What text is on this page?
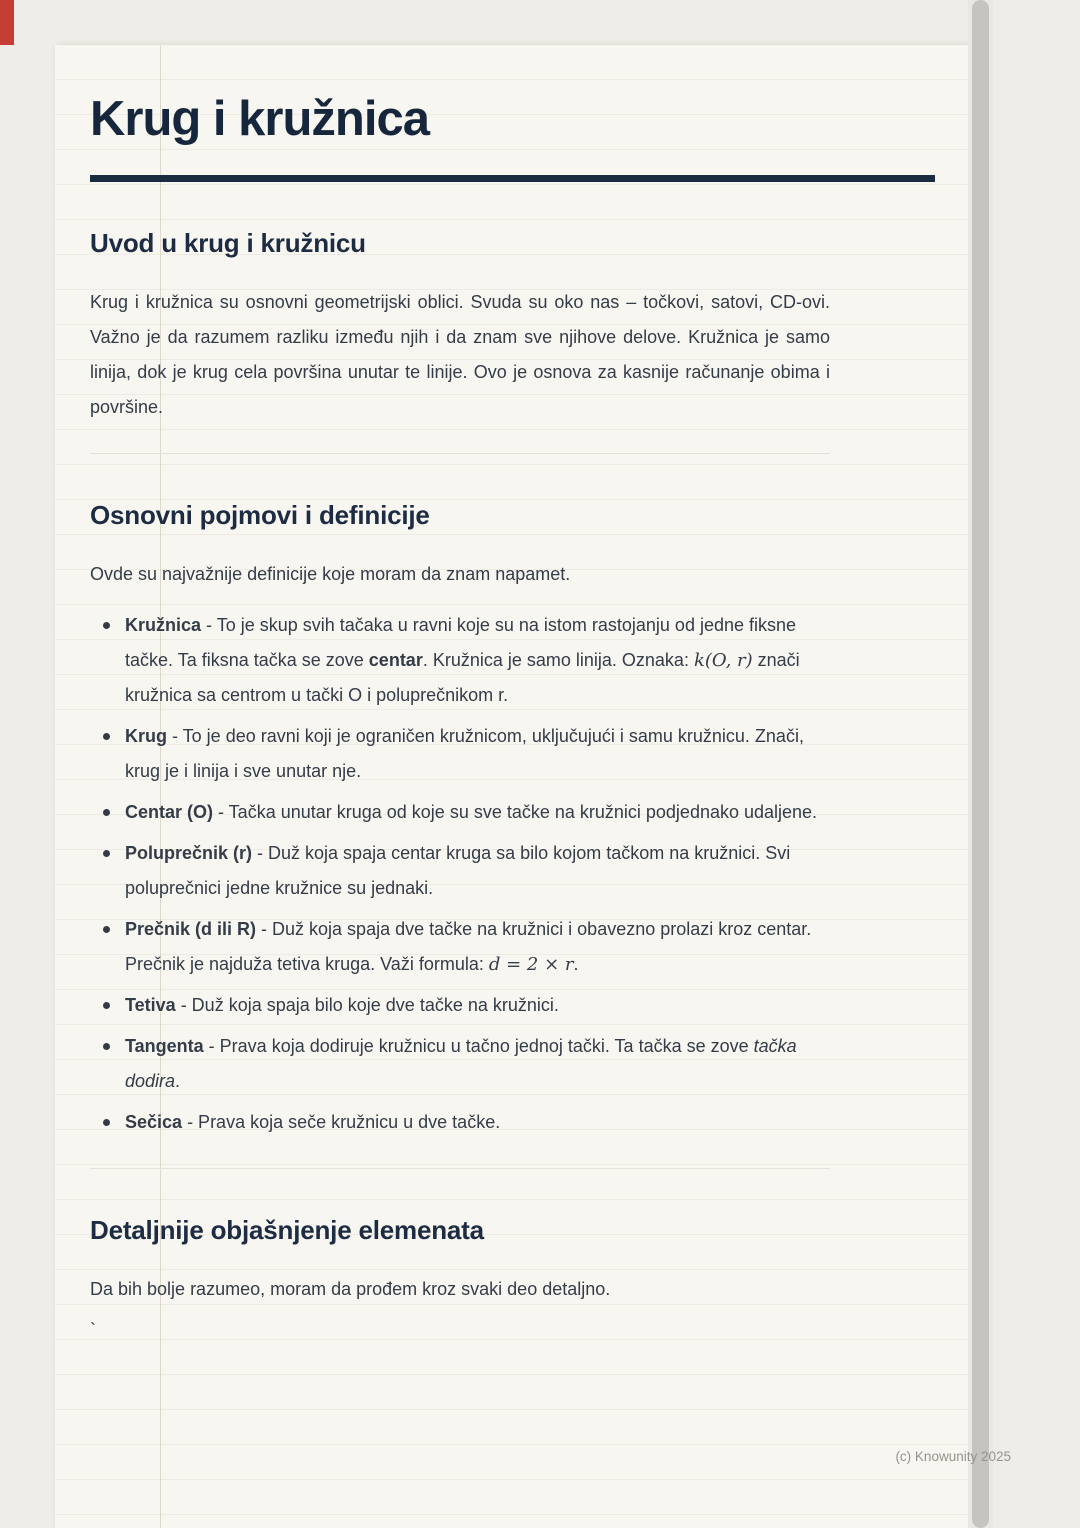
Krug i kružnica
Uvod u krug i kružnicu

Krug i kružnica su osnovni geometrijski oblici. Svuda su oko nas – točkovi, satovi, CD-ovi. Važno je da razumem razliku između njih i da znam sve njihove delove. Kružnica je samo linija, dok je krug cela površina unutar te linije. Ovo je osnova za kasnije računanje obima i površine.

Osnovni pojmovi i definicije

Ovde su najvažnije definicije koje moram da znam napamet.

Kružnica - To je skup svih tačaka u ravni koje su na istom rastojanju od jedne fiksne tačke. Ta fiksna tačka se zove centar. Kružnica je samo linija. Oznaka: k(O, r) znači kružnica sa centrom u tački O i poluprečnikom r.
Krug - To je deo ravni koji je ograničen kružnicom, uključujući i samu kružnicu. Znači, krug je i linija i sve unutar nje.
Centar (O) - Tačka unutar kruga od koje su sve tačke na kružnici podjednako udaljene.
Poluprečnik (r) - Duž koja spaja centar kruga sa bilo kojom tačkom na kružnici. Svi poluprečnici jedne kružnice su jednaki.
Prečnik (d ili R) - Duž koja spaja dve tačke na kružnici i obavezno prolazi kroz centar. Prečnik je najduža tetiva kruga. Važi formula: d = 2 × r.
Tetiva - Duž koja spaja bilo koje dve tačke na kružnici.
Tangenta - Prava koja dodiruje kružnicu u tačno jednoj tački. Ta tačka se zove tačka dodira.
Sečica - Prava koja seče kružnicu u dve tačke.
Detaljnije objašnjenje elemenata

Da bih bolje razumeo, moram da prođem kroz svaki deo detaljno.

`

(c) Knowunity 2025
